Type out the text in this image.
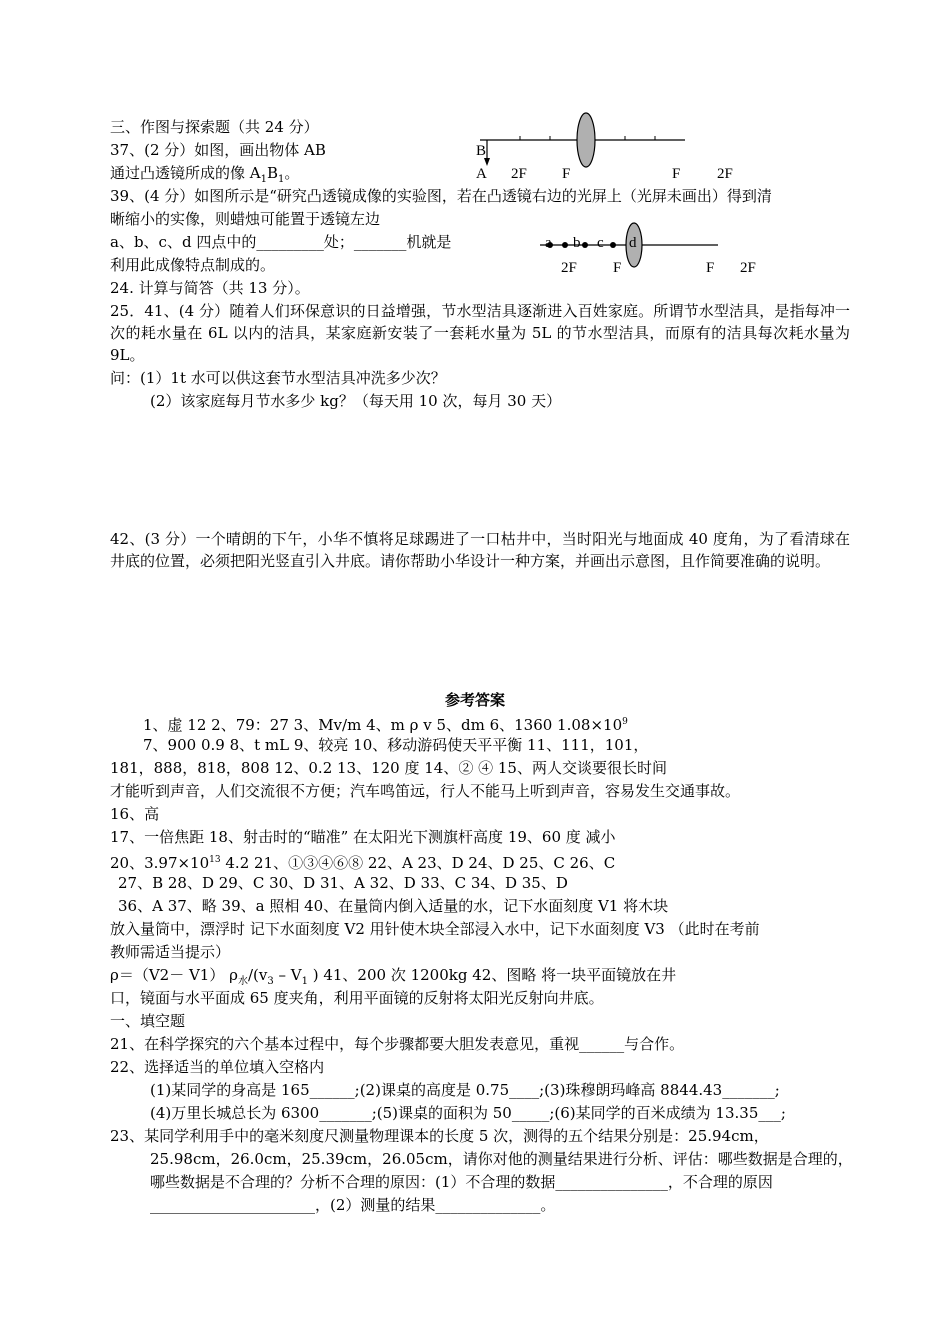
三、作图与探索题（共 24 分）
37、(2 分）如图，画出物体 AB
通过凸透镜所成的像 $A_1B_1$。
B
A 2F F	F 2F
39、(4 分）如图所示是“研究凸透镜成像的实验图，若在凸透镜右边的光屏上（光屏未画出）得到清
晰缩小的实像，则蜡烛可能置于透镜左边
a、b、c、d 四点中的_________处；_______机就是
利用此成像特点制成的。
a b c d
2F F	F 2F
24. 计算与简答（共 13 分）。
25．41、(4 分）随着人们环保意识的日益增强，节水型洁具逐渐进入百姓家庭。所谓节水型洁具，是指每冲一次的耗水量在 6L 以内的洁具，某家庭新安装了一套耗水量为 5L 的节水型洁具，而原有的洁具每次耗水量为 9L。
问：(1）1t 水可以供这套节水型洁具冲洗多少次？
(2）该家庭每月节水多少 kg？（每天用 10 次，每月 30 天）
42、(3 分）一个晴朗的下午，小华不慎将足球踢进了一口枯井中，当时阳光与地面成 40 度角，为了看清球在井底的位置，必须把阳光竖直引入井底。请你帮助小华设计一种方案，并画出示意图，且作简要准确的说明。
参考答案
1、虚 12 2、79：27 3、Mv/m 4、m ρ v 5、dm 6、1360 $1.08\times 10^9$
7、900 0.9 8、t mL 9、较亮 10、移动游码使天平平衡 11、111，101，
181，888，818，808 12、0.2 13、120 度 14、② ④ 15、两人交谈要很长时间
才能听到声音，人们交流很不方便；汽车鸣笛远，行人不能马上听到声音，容易发生交通事故。
16、高
17、一倍焦距 18、射击时的“瞄准” 在太阳光下测旗杆高度 19、60 度 减小
20、$3.97\times 10^{13}$ 4.2 21、①③④⑥⑧ 22、A 23、D 24、D 25、C 26、C
27、B 28、D 29、C 30、D 31、A 32、D 33、C 34、D 35、D
36、A 37、略 39、a 照相 40、在量筒内倒入适量的水，记下水面刻度 V1 将木块
放入量筒中，漂浮时 记下水面刻度 V2 用针使木块全部浸入水中，记下水面刻度 V3 （此时在考前
教师需适当提示）
ρ＝（V2－ V1） $\rho_水/(v_3 - V_1$ ) 41、200 次 1200kg 42、图略 将一块平面镜放在井
口，镜面与水平面成 65 度夹角，利用平面镜的反射将太阳光反射向井底。
一、填空题
21、在科学探究的六个基本过程中，每个步骤都要大胆发表意见，重视______与合作。
22、选择适当的单位填入空格内
(1)某同学的身高是 165______;(2)课桌的高度是 0.75____;(3)珠穆朗玛峰高 8844.43_______;
(4)万里长城总长为 6300_______;(5)课桌的面积为 50_____;(6)某同学的百米成绩为 13.35___;
23、某同学利用手中的毫米刻度尺测量物理课本的长度 5 次，测得的五个结果分别是：25.94cm，
25.98cm，26.0cm，25.39cm，26.05cm，请你对他的测量结果进行分析、评估：哪些数据是合理的，
哪些数据是不合理的？分析不合理的原因：(1）不合理的数据_______________，不合理的原因
______________________，(2）测量的结果______________。
